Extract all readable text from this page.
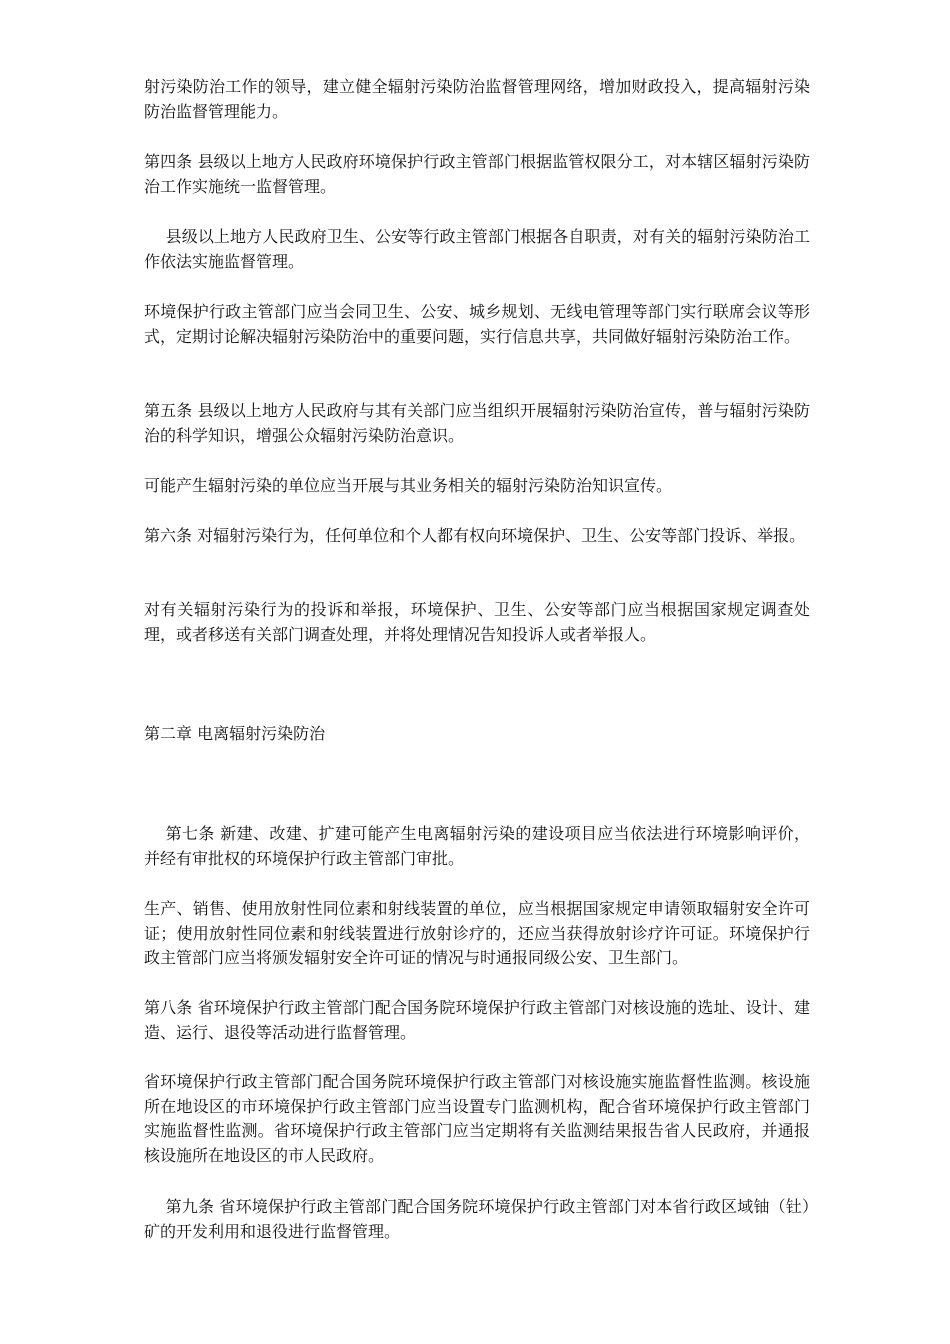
射污染防治工作的领导，建立健全辐射污染防治监督管理网络，增加财政投入，提高辐射污染防治监督管理能力。

第四条 县级以上地方人民政府环境保护行政主管部门根据监管权限分工，对本辖区辐射污染防治工作实施统一监督管理。

县级以上地方人民政府卫生、公安等行政主管部门根据各自职责，对有关的辐射污染防治工作依法实施监督管理。

环境保护行政主管部门应当会同卫生、公安、城乡规划、无线电管理等部门实行联席会议等形式，定期讨论解决辐射污染防治中的重要问题，实行信息共享，共同做好辐射污染防治工作。

第五条 县级以上地方人民政府与其有关部门应当组织开展辐射污染防治宣传，普与辐射污染防治的科学知识，增强公众辐射污染防治意识。

可能产生辐射污染的单位应当开展与其业务相关的辐射污染防治知识宣传。

第六条 对辐射污染行为，任何单位和个人都有权向环境保护、卫生、公安等部门投诉、举报。

对有关辐射污染行为的投诉和举报，环境保护、卫生、公安等部门应当根据国家规定调查处理，或者移送有关部门调查处理，并将处理情况告知投诉人或者举报人。

第二章 电离辐射污染防治

第七条 新建、改建、扩建可能产生电离辐射污染的建设项目应当依法进行环境影响评价，并经有审批权的环境保护行政主管部门审批。

生产、销售、使用放射性同位素和射线装置的单位，应当根据国家规定申请领取辐射安全许可证；使用放射性同位素和射线装置进行放射诊疗的，还应当获得放射诊疗许可证。环境保护行政主管部门应当将颁发辐射安全许可证的情况与时通报同级公安、卫生部门。

第八条 省环境保护行政主管部门配合国务院环境保护行政主管部门对核设施的选址、设计、建造、运行、退役等活动进行监督管理。

省环境保护行政主管部门配合国务院环境保护行政主管部门对核设施实施监督性监测。核设施所在地设区的市环境保护行政主管部门应当设置专门监测机构，配合省环境保护行政主管部门实施监督性监测。省环境保护行政主管部门应当定期将有关监测结果报告省人民政府，并通报核设施所在地设区的市人民政府。

第九条 省环境保护行政主管部门配合国务院环境保护行政主管部门对本省行政区域铀（钍）矿的开发利用和退役进行监督管理。
